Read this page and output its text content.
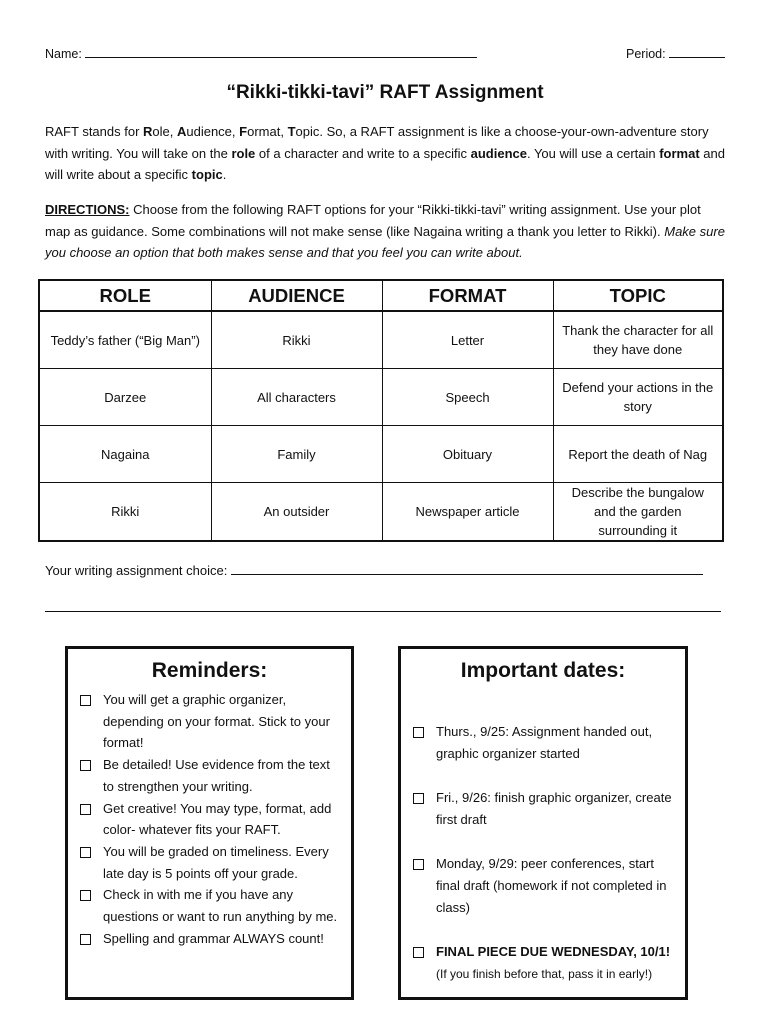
Name:	Period:
“Rikki-tikki-tavi” RAFT Assignment
RAFT stands for Role, Audience, Format, Topic. So, a RAFT assignment is like a choose-your-own-adventure story with writing. You will take on the role of a character and write to a specific audience. You will use a certain format and will write about a specific topic.
DIRECTIONS: Choose from the following RAFT options for your “Rikki-tikki-tavi” writing assignment. Use your plot map as guidance. Some combinations will not make sense (like Nagaina writing a thank you letter to Rikki). Make sure you choose an option that both makes sense and that you feel you can write about.
ROLE	AUDIENCE	FORMAT	TOPIC
Teddy’s father (“Big Man”)	Rikki	Letter	Thank the character for all they have done
Darzee	All characters	Speech	Defend your actions in the story
Nagaina	Family	Obituary	Report the death of Nag
Rikki	An outsider	Newspaper article	Describe the bungalow and the garden surrounding it
Your writing assignment choice:
Reminders:
You will get a graphic organizer, depending on your format. Stick to your format!
Be detailed! Use evidence from the text to strengthen your writing.
Get creative! You may type, format, add color- whatever fits your RAFT.
You will be graded on timeliness. Every late day is 5 points off your grade.
Check in with me if you have any questions or want to run anything by me.
Spelling and grammar ALWAYS count!
Important dates:
Thurs., 9/25: Assignment handed out, graphic organizer started
Fri., 9/26: finish graphic organizer, create first draft
Monday, 9/29: peer conferences, start final draft (homework if not completed in class)
FINAL PIECE DUE WEDNESDAY, 10/1!
(If you finish before that, pass it in early!)
